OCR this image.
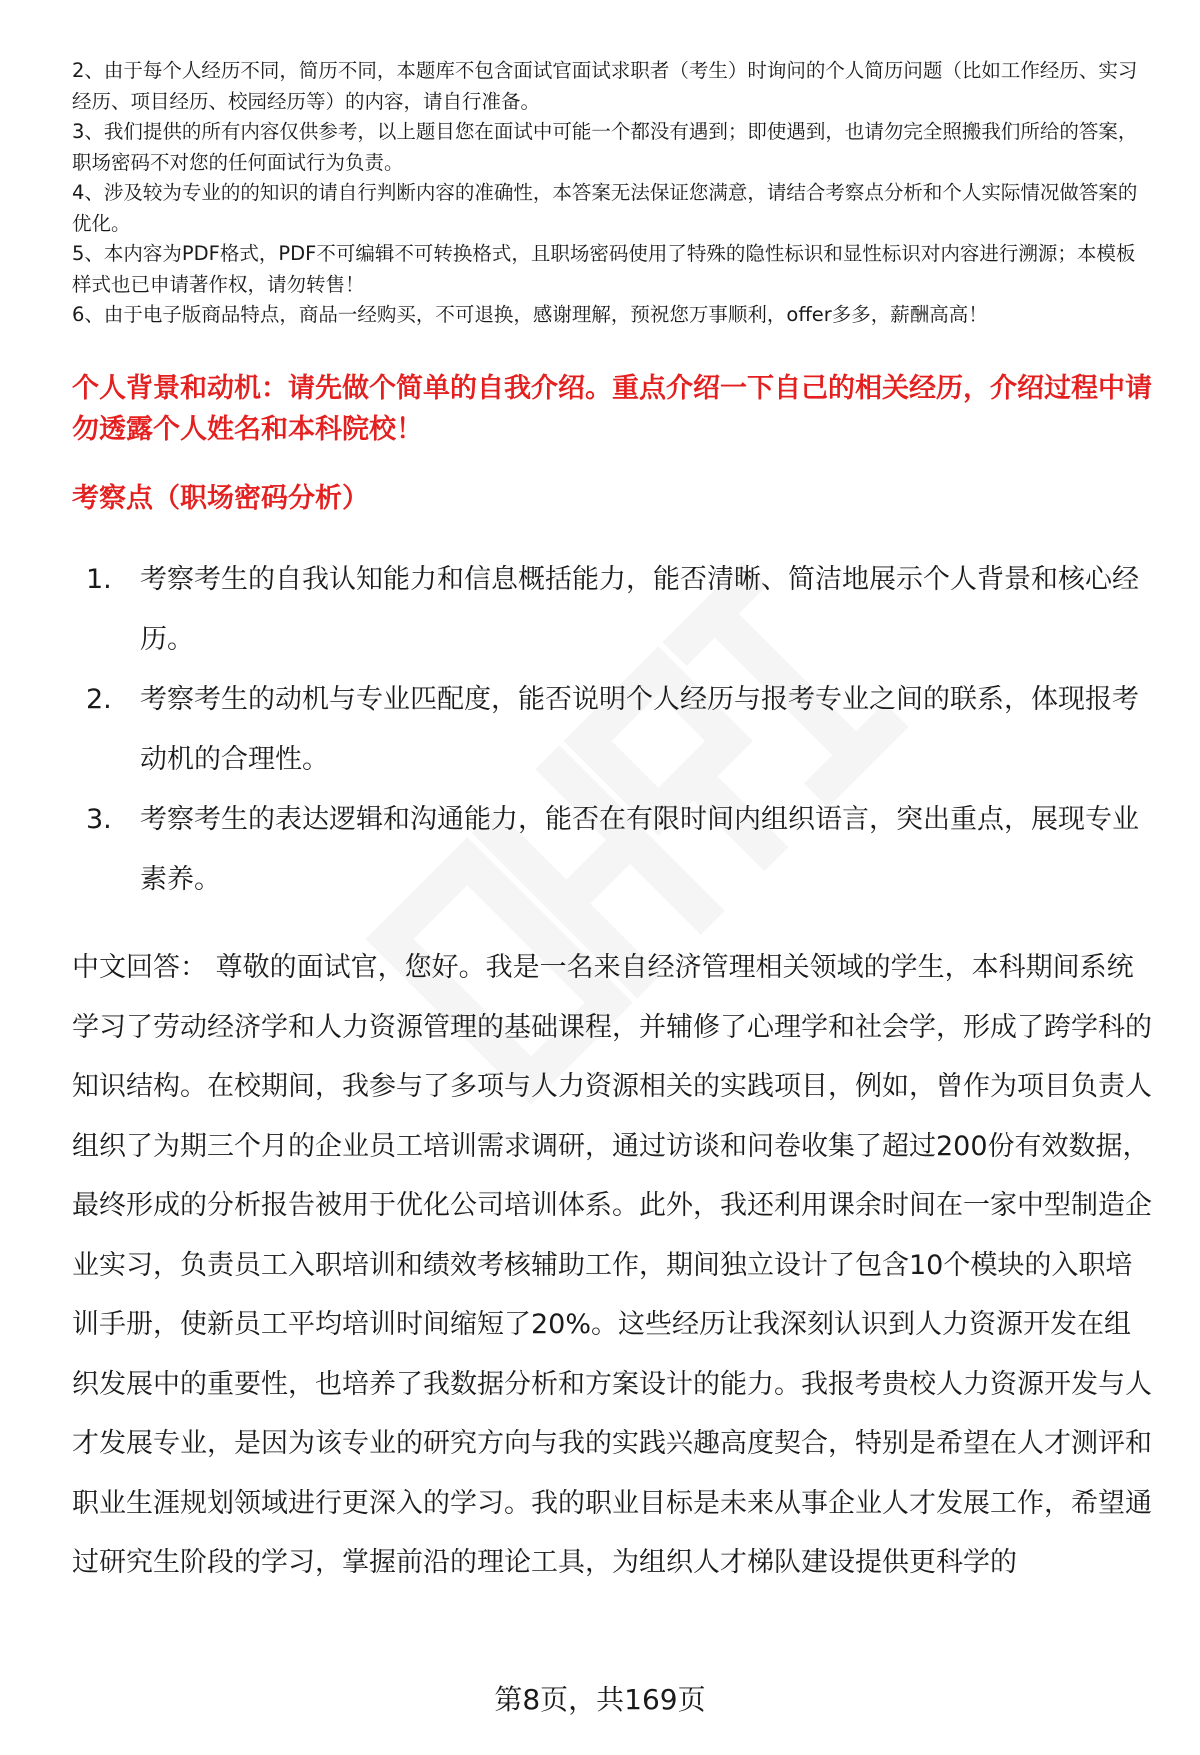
2、由于每个人经历不同，简历不同，本题库不包含面试官面试求职者（考生）时询问的个人简历问题（比如工作经历、实习经历、项目经历、校园经历等）的内容，请自行准备。

3、我们提供的所有内容仅供参考，以上题目您在面试中可能一个都没有遇到；即使遇到，也请勿完全照搬我们所给的答案，职场密码不对您的任何面试行为负责。

4、涉及较为专业的的知识的请自行判断内容的准确性，本答案无法保证您满意，请结合考察点分析和个人实际情况做答案的优化。

5、本内容为PDF格式，PDF不可编辑不可转换格式，且职场密码使用了特殊的隐性标识和显性标识对内容进行溯源；本模板样式也已申请著作权，请勿转售！

6、由于电子版商品特点，商品一经购买，不可退换，感谢理解，预祝您万事顺利，offer多多，薪酬高高！

个人背景和动机：请先做个简单的自我介绍。重点介绍一下自己的相关经历，介绍过程中请勿透露个人姓名和本科院校！
考察点（职场密码分析）
1.	考察考生的自我认知能力和信息概括能力，能否清晰、简洁地展示个人背景和核心经历。
2.	考察考生的动机与专业匹配度，能否说明个人经历与报考专业之间的联系，体现报考动机的合理性。
3.	考察考生的表达逻辑和沟通能力，能否在有限时间内组织语言，突出重点，展现专业素养。

中文回答： 尊敬的面试官，您好。我是一名来自经济管理相关领域的学生，本科期间系统学习了劳动经济学和人力资源管理的基础课程，并辅修了心理学和社会学，形成了跨学科的知识结构。在校期间，我参与了多项与人力资源相关的实践项目，例如，曾作为项目负责人组织了为期三个月的企业员工培训需求调研，通过访谈和问卷收集了超过200份有效数据，最终形成的分析报告被用于优化公司培训体系。此外，我还利用课余时间在一家中型制造企业实习，负责员工入职培训和绩效考核辅助工作，期间独立设计了包含10个模块的入职培训手册，使新员工平均培训时间缩短了20%。这些经历让我深刻认识到人力资源开发在组织发展中的重要性，也培养了我数据分析和方案设计的能力。我报考贵校人力资源开发与人才发展专业，是因为该专业的研究方向与我的实践兴趣高度契合，特别是希望在人才测评和职业生涯规划领域进行更深入的学习。我的职业目标是未来从事企业人才发展工作，希望通过研究生阶段的学习，掌握前沿的理论工具，为组织人才梯队建设提供更科学的

第8页，共169页
